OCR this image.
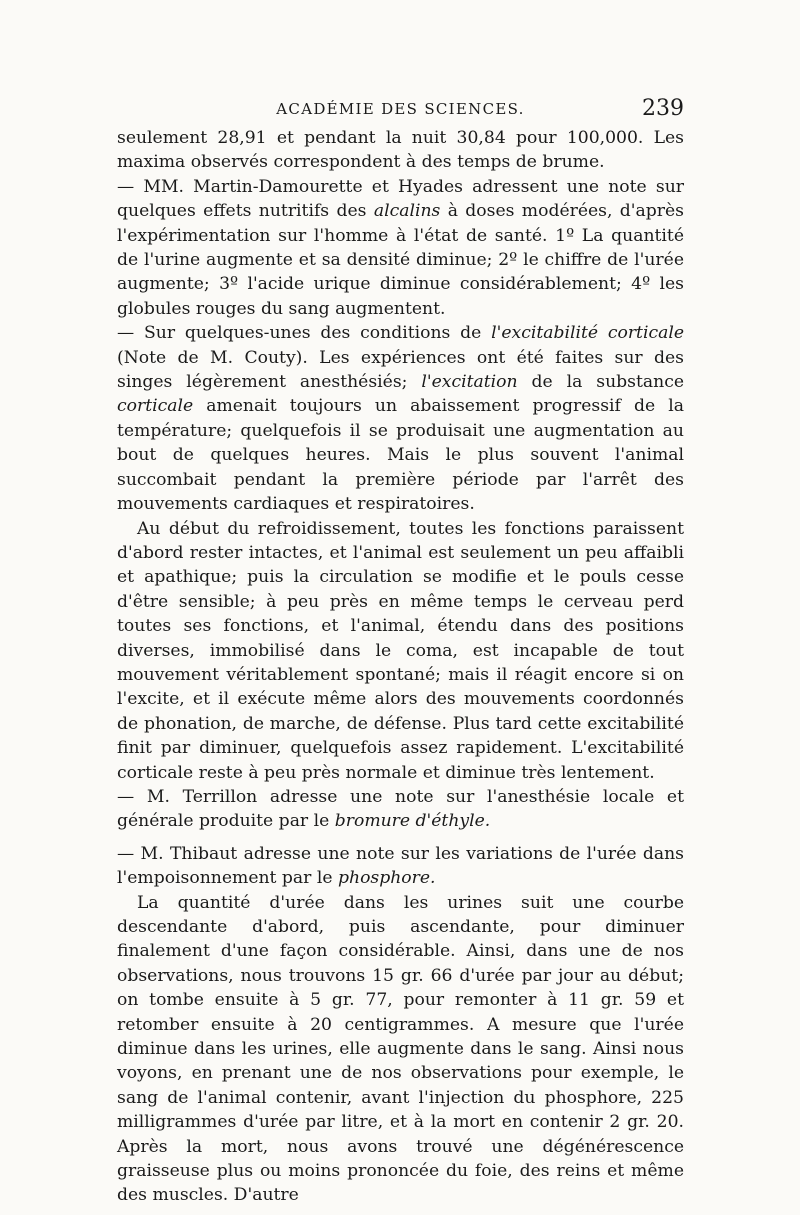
ACADÉMIE DES SCIENCES.	239

seulement 28,91 et pendant la nuit 30,84 pour 100,000. Les maxima observés correspondent à des temps de brume.

— MM. Martin-Damourette et Hyades adressent une note sur quelques effets nutritifs des alcalins à doses modérées, d'après l'expérimentation sur l'homme à l'état de santé. 1º La quantité de l'urine augmente et sa densité diminue; 2º le chiffre de l'urée augmente; 3º l'acide urique diminue considérablement; 4º les globules rouges du sang augmentent.

— Sur quelques-unes des conditions de l'excitabilité corticale (Note de M. Couty). Les expériences ont été faites sur des singes légèrement anesthésiés; l'excitation de la substance corticale amenait toujours un abaissement progressif de la température; quelquefois il se produisait une augmentation au bout de quelques heures. Mais le plus souvent l'animal succombait pendant la première période par l'arrêt des mouvements cardiaques et respiratoires.

Au début du refroidissement, toutes les fonctions paraissent d'abord rester intactes, et l'animal est seulement un peu affaibli et apathique; puis la circulation se modifie et le pouls cesse d'être sensible; à peu près en même temps le cerveau perd toutes ses fonctions, et l'animal, étendu dans des positions diverses, immobilisé dans le coma, est incapable de tout mouvement véritablement spontané; mais il réagit encore si on l'excite, et il exécute même alors des mouvements coordonnés de phonation, de marche, de défense. Plus tard cette excitabilité finit par diminuer, quelquefois assez rapidement. L'excitabilité corticale reste à peu près normale et diminue très lentement.

— M. Terrillon adresse une note sur l'anesthésie locale et générale produite par le bromure d'éthyle.

— M. Thibaut adresse une note sur les variations de l'urée dans l'empoisonnement par le phosphore.

La quantité d'urée dans les urines suit une courbe descendante d'abord, puis ascendante, pour diminuer finalement d'une façon considérable. Ainsi, dans une de nos observations, nous trouvons 15 gr. 66 d'urée par jour au début; on tombe ensuite à 5 gr. 77, pour remonter à 11 gr. 59 et retomber ensuite à 20 centigrammes. A mesure que l'urée diminue dans les urines, elle augmente dans le sang. Ainsi nous voyons, en prenant une de nos observations pour exemple, le sang de l'animal contenir, avant l'injection du phosphore, 225 milligrammes d'urée par litre, et à la mort en contenir 2 gr. 20. Après la mort, nous avons trouvé une dégénérescence graisseuse plus ou moins prononcée du foie, des reins et même des muscles. D'autre
